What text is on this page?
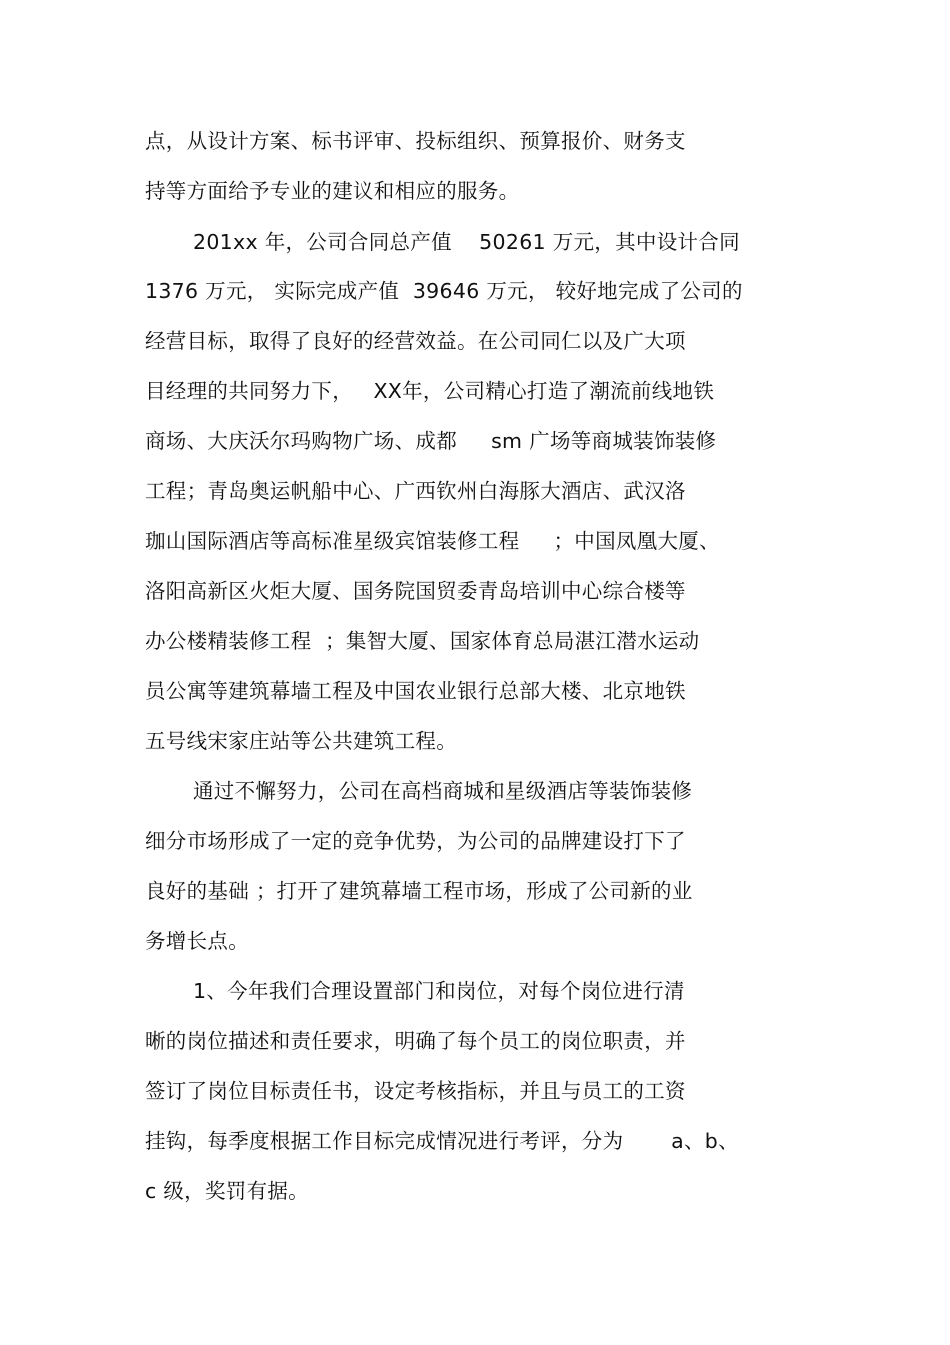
点，从设计方案、标书评审、投标组织、预算报价、财务支
持等方面给予专业的建议和相应的服务。
201xx 年，公司合同总产值    50261 万元，其中设计合同
1376 万元， 实际完成产值  39646 万元， 较好地完成了公司的
经营目标，取得了良好的经营效益。在公司同仁以及广大项
目经理的共同努力下，   XX年，公司精心打造了潮流前线地铁
商场、大庆沃尔玛购物广场、成都     sm 广场等商城装饰装修
工程；青岛奥运帆船中心、广西钦州白海豚大酒店、武汉洛
珈山国际酒店等高标准星级宾馆装修工程     ；中国凤凰大厦、
洛阳高新区火炬大厦、国务院国贸委青岛培训中心综合楼等
办公楼精装修工程  ；集智大厦、国家体育总局湛江潜水运动
员公寓等建筑幕墙工程及中国农业银行总部大楼、北京地铁
五号线宋家庄站等公共建筑工程。
通过不懈努力，公司在高档商城和星级酒店等装饰装修
细分市场形成了一定的竞争优势，为公司的品牌建设打下了
良好的基础 ；打开了建筑幕墙工程市场，形成了公司新的业
务增长点。
1、今年我们合理设置部门和岗位，对每个岗位进行清
晰的岗位描述和责任要求，明确了每个员工的岗位职责，并
签订了岗位目标责任书，设定考核指标，并且与员工的工资
挂钩，每季度根据工作目标完成情况进行考评，分为       a、b、
c 级，奖罚有据。
